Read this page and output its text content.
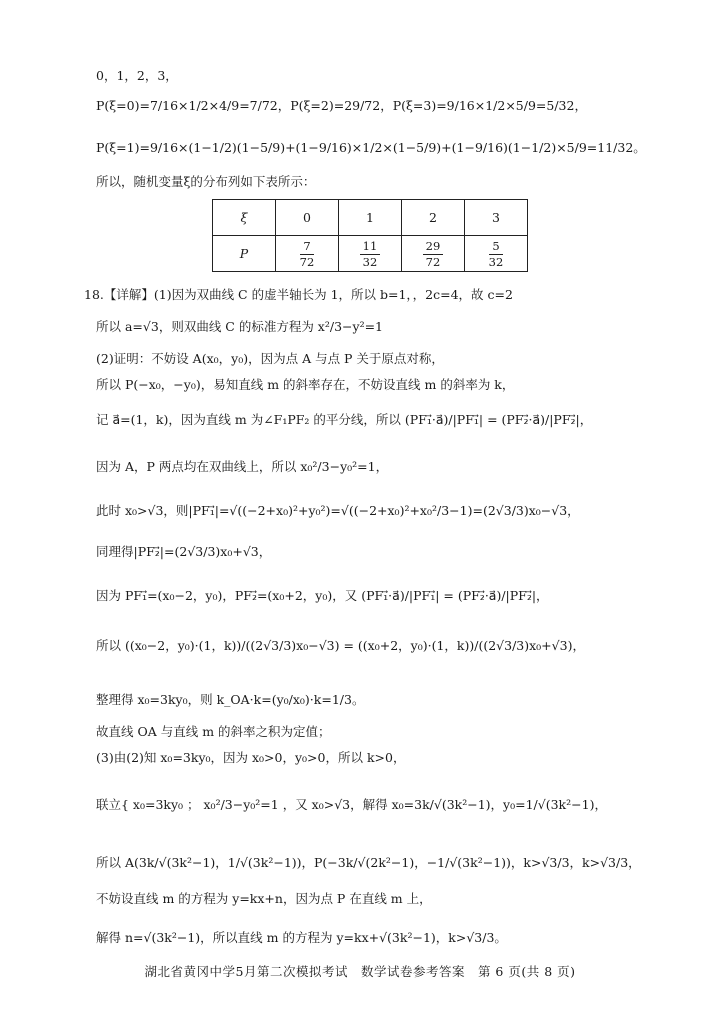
0，1，2，3，
P(ξ=0)=7/16×1/2×4/9=7/72，P(ξ=2)=29/72，P(ξ=3)=9/16×1/2×5/9=5/32，
P(ξ=1)=9/16×(1−1/2)(1−5/9)+(1−9/16)×1/2×(1−5/9)+(1−9/16)(1−1/2)×5/9=11/32。
所以，随机变量ξ的分布列如下表所示：
18.【详解】(1)因为双曲线 C 的虚半轴长为 1，所以 b=1，，2c=4，故 c=2
所以 a=√3，则双曲线 C 的标准方程为 x²/3−y²=1
(2)证明：不妨设 A(x₀，y₀)，因为点 A 与点 P 关于原点对称，
所以 P(−x₀，−y₀)，易知直线 m 的斜率存在，不妨设直线 m 的斜率为 k，
记 a⃗=(1，k)，因为直线 m 为∠F₁PF₂ 的平分线，所以 (PF₁⃗·a⃗)/|PF₁⃗| = (PF₂⃗·a⃗)/|PF₂⃗|，
因为 A，P 两点均在双曲线上，所以 x₀²/3−y₀²=1，
此时 x₀>√3，则|PF₁⃗|=√((−2+x₀)²+y₀²)=√((−2+x₀)²+x₀²/3−1)=(2√3/3)x₀−√3，
同理得|PF₂⃗|=(2√3/3)x₀+√3，
因为 PF₁⃗=(x₀−2，y₀)，PF₂⃗=(x₀+2，y₀)，又 (PF₁⃗·a⃗)/|PF₁⃗| = (PF₂⃗·a⃗)/|PF₂⃗|，
所以 ((x₀−2，y₀)·(1，k))/((2√3/3)x₀−√3) = ((x₀+2，y₀)·(1，k))/((2√3/3)x₀+√3)，
整理得 x₀=3ky₀，则 k_OA·k=(y₀/x₀)·k=1/3。
故直线 OA 与直线 m 的斜率之积为定值；
(3)由(2)知 x₀=3ky₀，因为 x₀>0，y₀>0，所以 k>0，
联立{ x₀=3ky₀ ； x₀²/3−y₀²=1 ，又 x₀>√3，解得 x₀=3k/√(3k²−1)，y₀=1/√(3k²−1)，
所以 A(3k/√(3k²−1)，1/√(3k²−1))，P(−3k/√(2k²−1)，−1/√(3k²−1))，k>√3/3，k>√3/3，
不妨设直线 m 的方程为 y=kx+n，因为点 P 在直线 m 上，
解得 n=√(3k²−1)，所以直线 m 的方程为 y=kx+√(3k²−1)，k>√3/3。
ξ	0	1	2	3
P	$\frac{7}{72}$	$\frac{11}{32}$	$\frac{29}{72}$	$\frac{5}{32}$
湖北省黄冈中学5月第二次模拟考试　数学试卷参考答案　第 6 页(共 8 页)
